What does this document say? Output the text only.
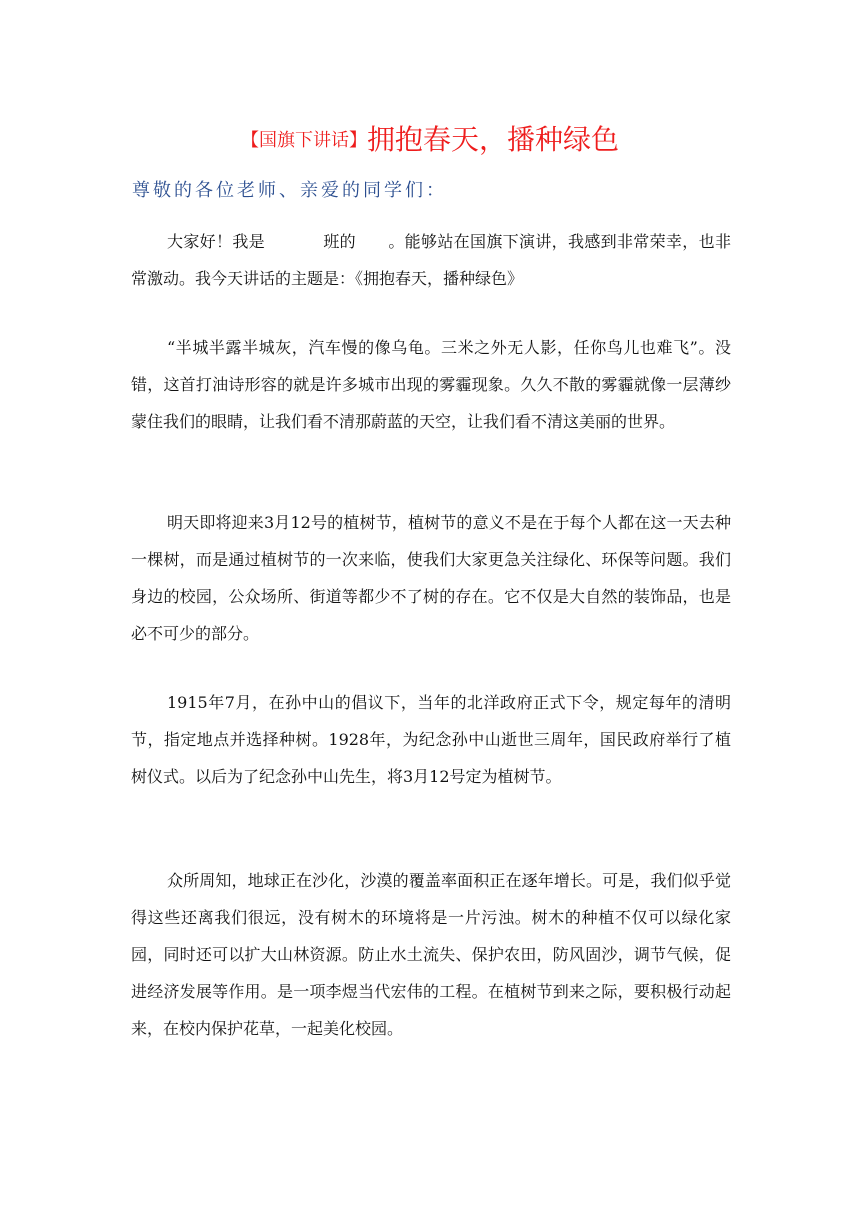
【国旗下讲话】拥抱春天，播种绿色
尊敬的各位老师、亲爱的同学们：

大家好！我是	班的 。能够站在国旗下演讲，我感到非常荣幸，也非常激动。我今天讲话的主题是：《拥抱春天，播种绿色》

“半城半露半城灰，汽车慢的像乌龟。三米之外无人影，任你鸟儿也难飞”。没错，这首打油诗形容的就是许多城市出现的雾霾现象。久久不散的雾霾就像一层薄纱蒙住我们的眼睛，让我们看不清那蔚蓝的天空，让我们看不清这美丽的世界。

明天即将迎来3月12号的植树节，植树节的意义不是在于每个人都在这一天去种一棵树，而是通过植树节的一次来临，使我们大家更急关注绿化、环保等问题。我们身边的校园，公众场所、街道等都少不了树的存在。它不仅是大自然的装饰品，也是必不可少的部分。

1915年7月，在孙中山的倡议下，当年的北洋政府正式下令，规定每年的清明节，指定地点并选择种树。1928年，为纪念孙中山逝世三周年，国民政府举行了植树仪式。以后为了纪念孙中山先生，将3月12号定为植树节。

众所周知，地球正在沙化，沙漠的覆盖率面积正在逐年增长。可是，我们似乎觉得这些还离我们很远，没有树木的环境将是一片污浊。树木的种植不仅可以绿化家园，同时还可以扩大山林资源。防止水土流失、保护农田，防风固沙，调节气候，促进经济发展等作用。是一项李煜当代宏伟的工程。在植树节到来之际，要积极行动起来，在校内保护花草，一起美化校园。
